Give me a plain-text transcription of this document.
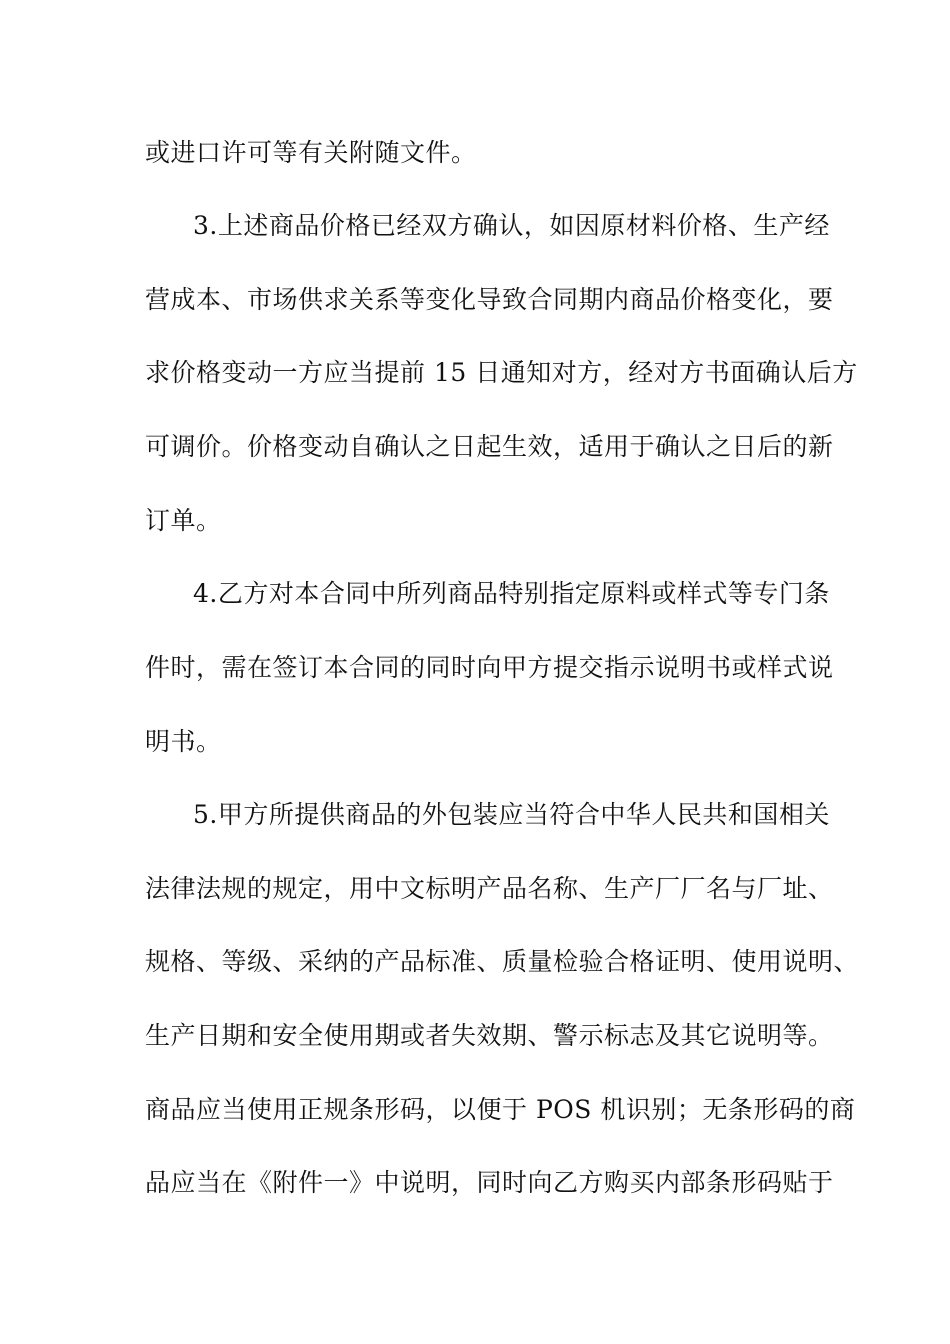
或进口许可等有关附随文件。
3.上述商品价格已经双方确认，如因原材料价格、生产经
营成本、市场供求关系等变化导致合同期内商品价格变化，要
求价格变动一方应当提前 15 日通知对方，经对方书面确认后方
可调价。价格变动自确认之日起生效，适用于确认之日后的新
订单。
4.乙方对本合同中所列商品特别指定原料或样式等专门条
件时，需在签订本合同的同时向甲方提交指示说明书或样式说
明书。
5.甲方所提供商品的外包装应当符合中华人民共和国相关
法律法规的规定，用中文标明产品名称、生产厂厂名与厂址、
规格、等级、采纳的产品标准、质量检验合格证明、使用说明、
生产日期和安全使用期或者失效期、警示标志及其它说明等。
商品应当使用正规条形码，以便于 POS 机识别；无条形码的商
品应当在《附件一》中说明，同时向乙方购买内部条形码贴于
